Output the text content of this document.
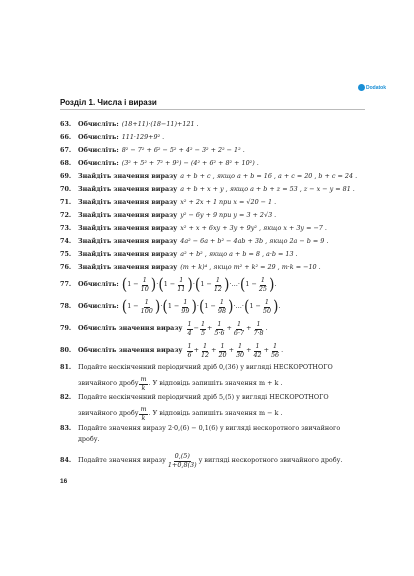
Dodatok
Розділ 1. Числа і вирази
63.	Обчисліть: (18+11)·(18−11)+121 .
66.	Обчисліть: 111·129+9² .
67.	Обчисліть: 8² − 7² + 6² − 5² + 4² − 3² + 2² − 1² .
68.	Обчисліть: (3² + 5² + 7² + 9²) − (4² + 6² + 8² + 10²) .
69.	Знайдіть значення виразу a + b + c , якщо a + b = 16 , a + c = 20 , b + c = 24 .
70.	Знайдіть значення виразу a + b + x + y , якщо a + b + z = 53 , z − x − y = 81 .
71.	Знайдіть значення виразу x² + 2x + 1 при x = √20 − 1 .
72.	Знайдіть значення виразу y² − 6y + 9 при y = 3 + 2√3 .
73.	Знайдіть значення виразу x² + x + 6xy + 3y + 9y² , якщо x + 3y = −7 .
74.	Знайдіть значення виразу 4a² − 6a + b² − 4ab + 3b , якщо 2a − b = 9 .
75.	Знайдіть значення виразу a² + b² , якщо a + b = 8 , a·b = 13 .
76.	Знайдіть значення виразу (m + k)⁴ , якщо m² + k² = 29 , m·k = −10 .
77.	Обчисліть: ( $1 - \frac{1}{10}$ ) · ( $1 - \frac{1}{11}$ ) · ( $1 - \frac{1}{12}$ ) · … · ( $1 - \frac{1}{25}$ ) .
78.	Обчисліть: ( $1 - \frac{1}{100}$ ) · ( $1 - \frac{1}{99}$ ) · ( $1 - \frac{1}{98}$ ) · … · ( $1 - \frac{1}{50}$ ) .
79.	Обчисліть значення виразу $\frac{1}{4} - \frac{1}{5} + \frac{1}{5\cdot 6} + \frac{1}{6\cdot 7} + \frac{1}{7\cdot 8}$ .
80.	Обчисліть значення виразу $\frac{1}{6} + \frac{1}{12} + \frac{1}{20} + \frac{1}{30} + \frac{1}{42} + \frac{1}{56}$ .
81.	Подайте нескінченний періодичний дріб 0,(36) у вигляді НЕСКОРОТНОГО
звичайного дробу $\frac{m}{k}$ . У відповідь запишіть значення m + k .
82.	Подайте нескінченний періодичний дріб 5,(5) у вигляді НЕСКОРОТНОГО
звичайного дробу $\frac{m}{k}$ . У відповідь запишіть значення m − k .
83.	Подайте значення виразу 2·0,(6) − 0,1(6) у вигляді нескоротного звичайного
дробу.
84.	Подайте значення виразу $\frac{0,(5)}{1+0,8(3)}$ у вигляді нескоротного звичайного дробу.
16
